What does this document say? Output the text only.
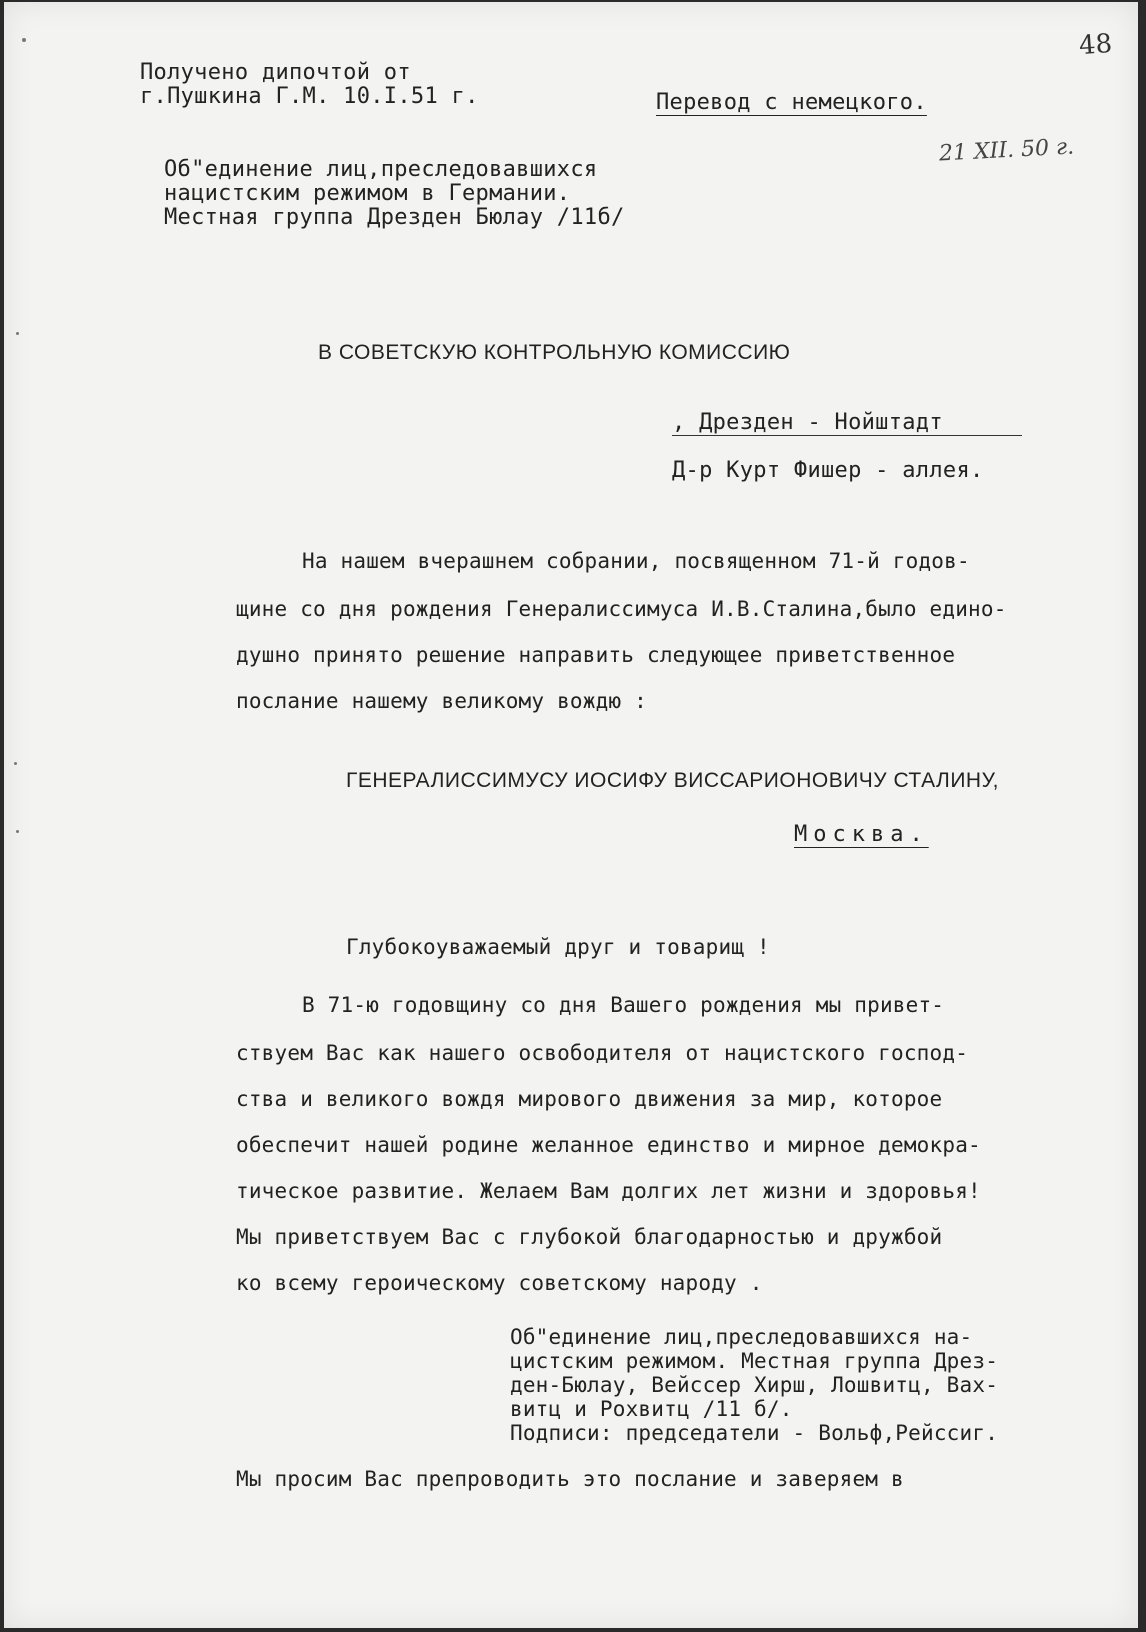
48
Получено дипочтой от
г.Пушкина Г.М. 10.I.51 г.	Перевод с немецкого.
21 XII. 50 г.
Об"единение лиц,преследовавшихся
нацистским режимом в Германии.
Местная группа Дрезден Бюлау /11б/
В СОВЕТСКУЮ КОНТРОЛЬНУЮ КОМИССИЮ
, Дрезден - Нойштадт
Д-р Курт Фишер - аллея.
На нашем вчерашнем собрании, посвященном 71-й годов-
щине со дня рождения Генералиссимуса И.В.Сталина,было едино-
душно принято решение направить следующее приветственное
послание нашему великому вождю :
ГЕНЕРАЛИССИМУСУ ИОСИФУ ВИССАРИОНОВИЧУ СТАЛИНУ,
Москва.
Глубокоуважаемый друг и товарищ !
В 71-ю годовщину со дня Вашего рождения мы привет-
ствуем Вас как нашего освободителя от нацистского господ-
ства и великого вождя мирового движения за мир, которое
обеспечит нашей родине желанное единство и мирное демокра-
тическое развитие. Желаем Вам долгих лет жизни и здоровья!
Мы приветствуем Вас с глубокой благодарностью и дружбой
ко всему героическому советскому народу .
Об"единение лиц,преследовавшихся на-
цистским режимом. Местная группа Дрез-
ден-Бюлау, Вейссер Хирш, Лошвитц, Вах-
витц и Рохвитц /11 б/.
Подписи: председатели - Вольф,Рейссиг.
Мы просим Вас препроводить это послание и заверяем в
